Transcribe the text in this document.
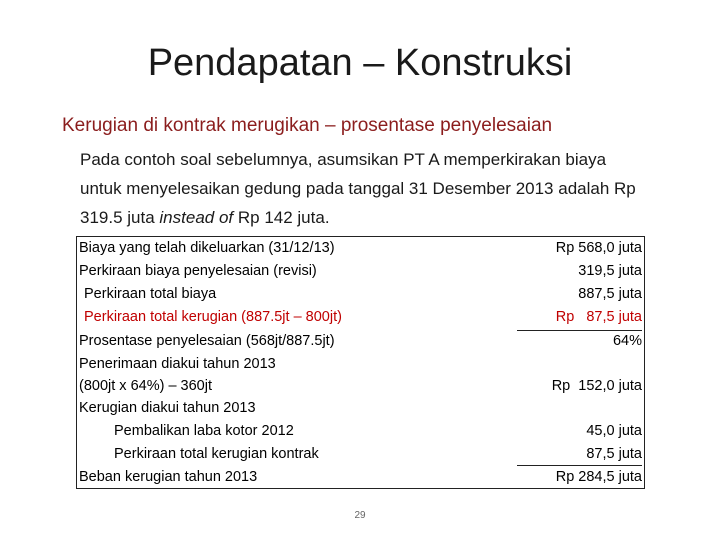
Pendapatan – Konstruksi
Kerugian di kontrak merugikan – prosentase penyelesaian
Pada contoh soal sebelumnya, asumsikan PT A memperkirakan biaya
untuk menyelesaikan gedung pada tanggal 31 Desember 2013 adalah Rp
319.5 juta instead of Rp 142 juta.
Biaya yang telah dikeluarkan (31/12/13)	Rp 568,0 juta
Perkiraan biaya penyelesaian (revisi)	319,5 juta
Perkiraan total biaya	887,5 juta
Perkiraan total kerugian (887.5jt – 800jt)	Rp   87,5 juta
Prosentase penyelesaian (568jt/887.5jt)	64%
Penerimaan diakui tahun 2013
(800jt x 64%) – 360jt	Rp  152,0 juta
Kerugian diakui tahun 2013
Pembalikan laba kotor 2012	45,0 juta
Perkiraan total kerugian kontrak	87,5 juta
Beban kerugian tahun 2013	Rp 284,5 juta
29
